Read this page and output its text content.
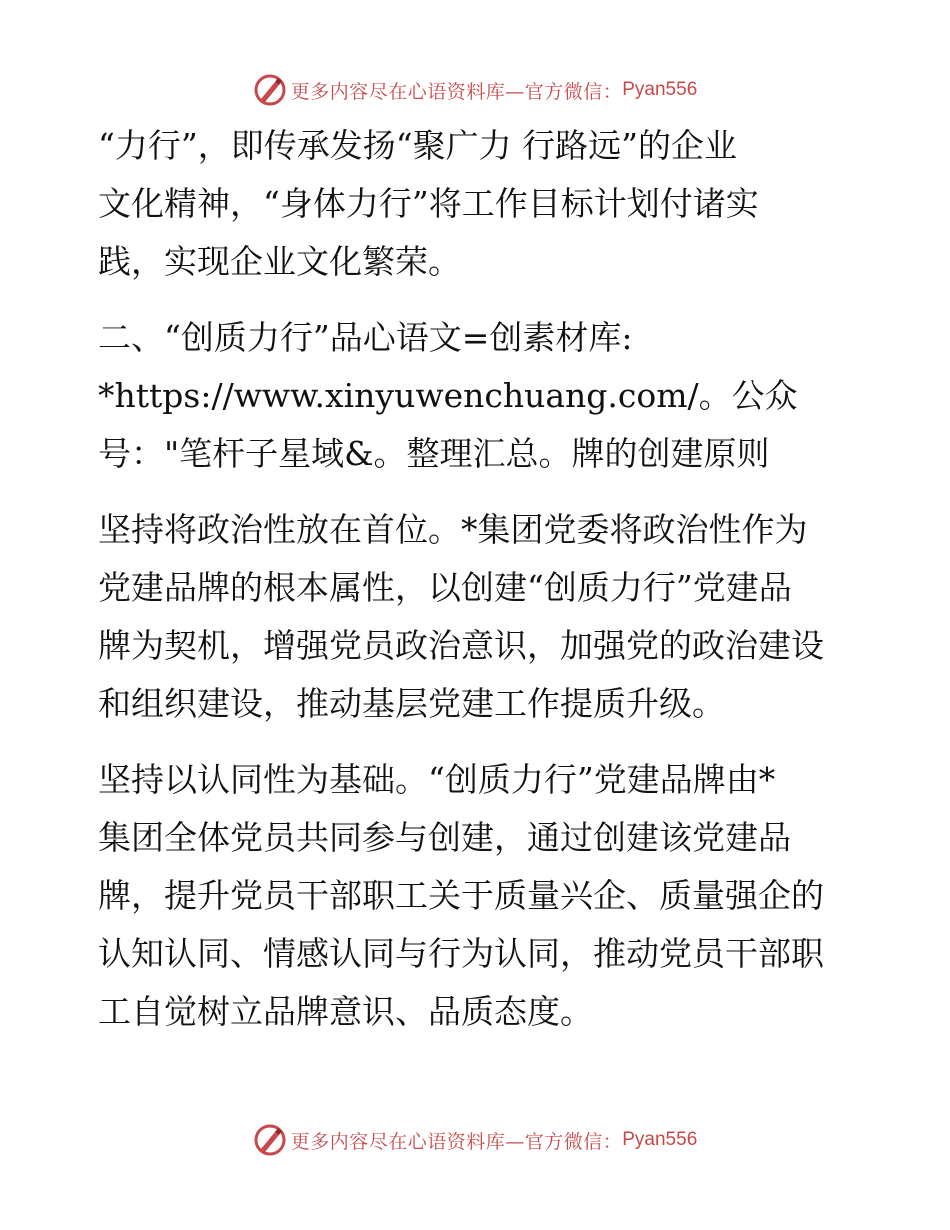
更多内容尽在心语资料库—官方微信： Pyan556

“力行”，即传承发扬“聚广力 行路远”的企业
文化精神，“身体力行”将工作目标计划付诸实
践，实现企业文化繁荣。

二、“创质力行”品心语文=创素材库:
*https://www.xinyuwenchuang.com/。公众
号："笔杆子星域&。整理汇总。牌的创建原则

坚持将政治性放在首位。*集团党委将政治性作为
党建品牌的根本属性，以创建“创质力行”党建品
牌为契机，增强党员政治意识，加强党的政治建设
和组织建设，推动基层党建工作提质升级。

坚持以认同性为基础。“创质力行”党建品牌由*
集团全体党员共同参与创建，通过创建该党建品
牌，提升党员干部职工关于质量兴企、质量强企的
认知认同、情感认同与行为认同，推动党员干部职
工自觉树立品牌意识、品质态度。

更多内容尽在心语资料库—官方微信： Pyan556
